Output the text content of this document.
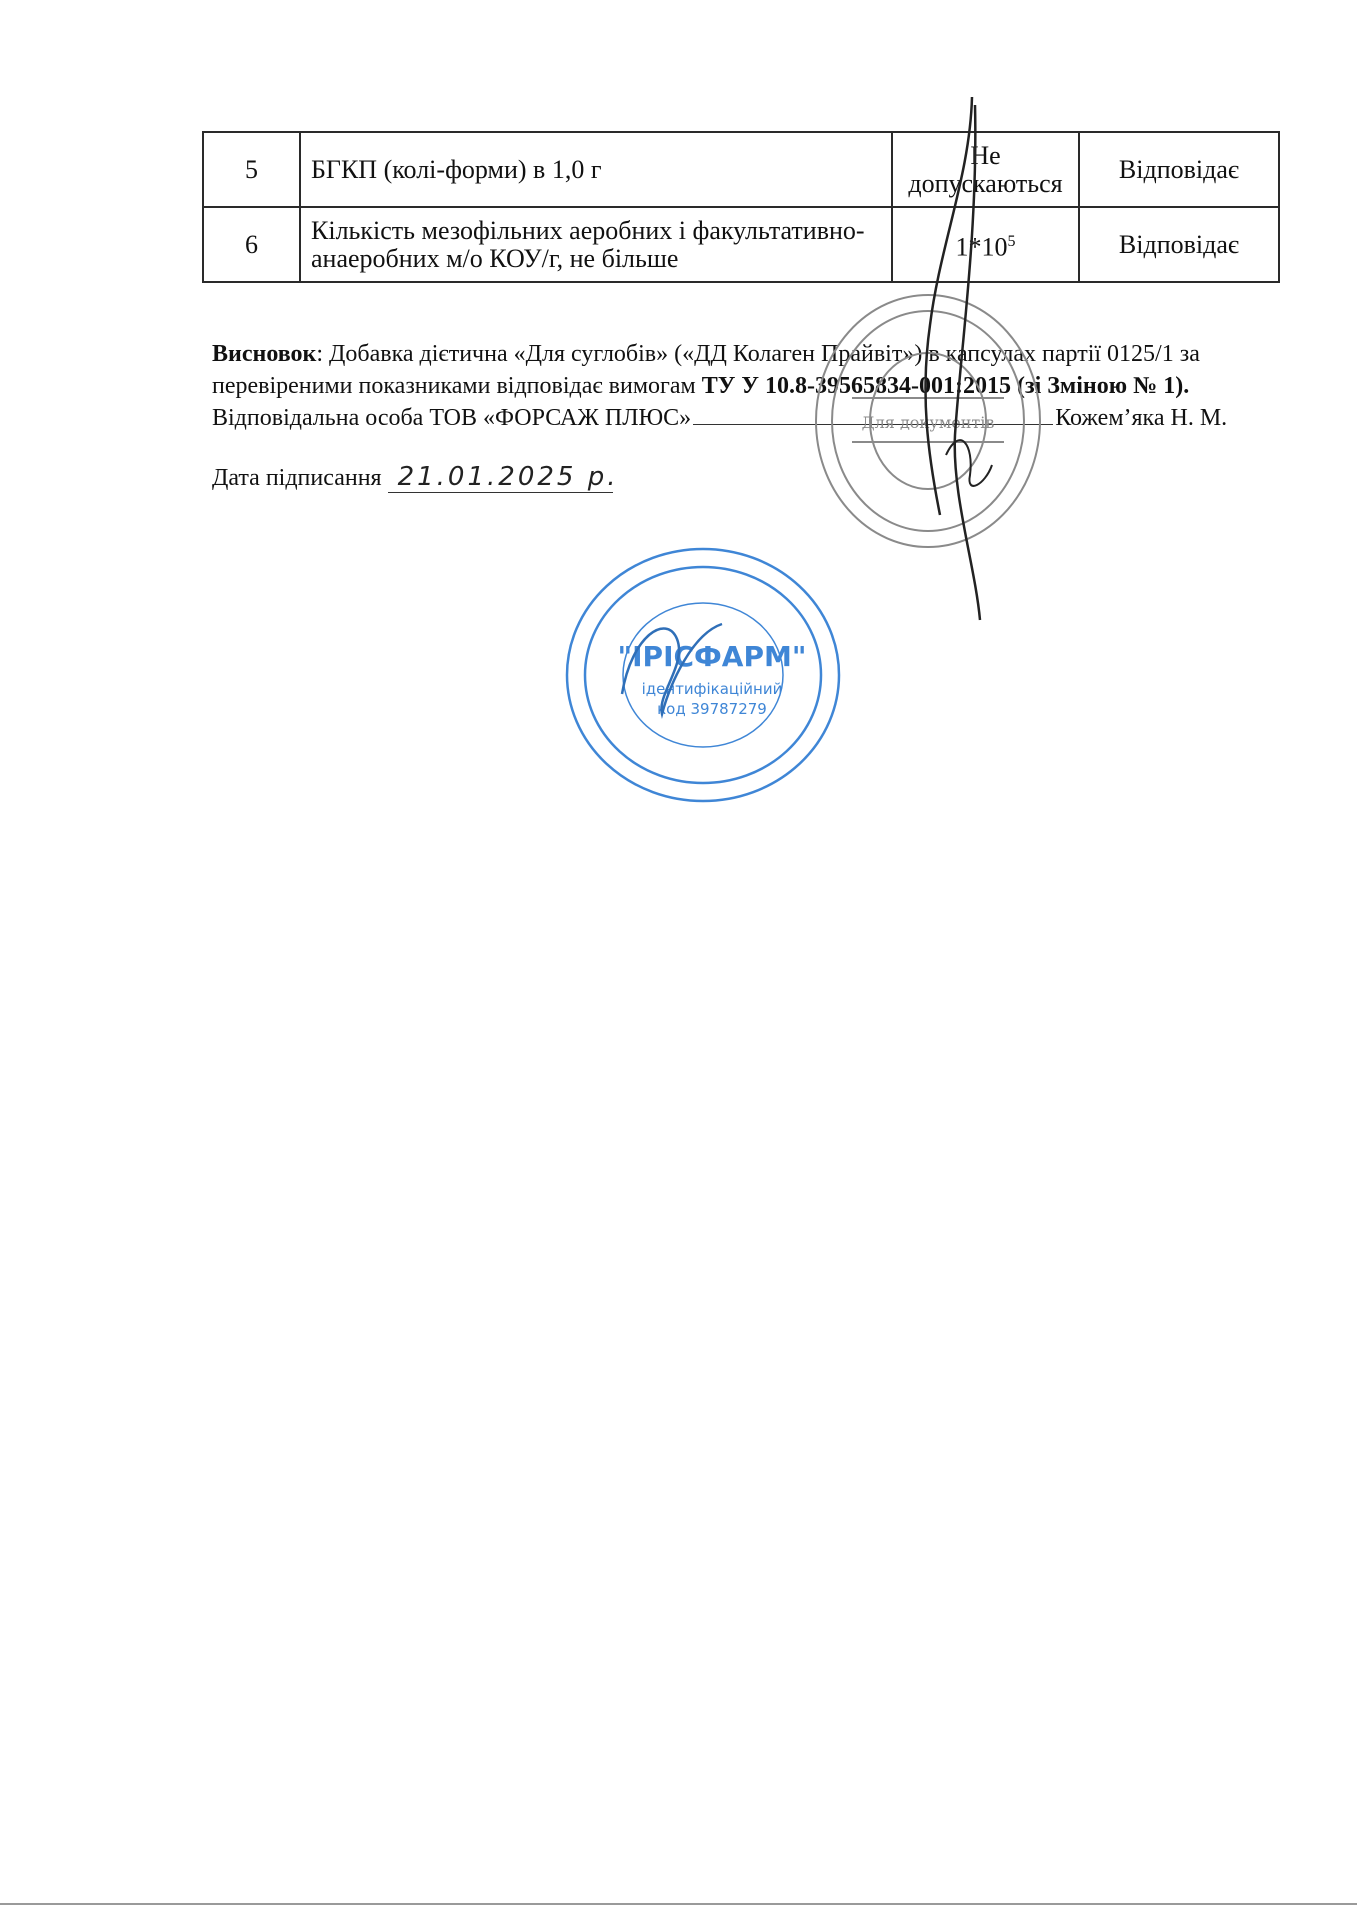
5	БГКП (колі-форми) в 1,0 г	Не
допускаються	Відповідає
6	Кількість мезофільних аеробних і факультативно-
анаеробних м/о КОУ/г, не більше	$1*10^5$	Відповідає
Висновок: Добавка дієтична «Для суглобів» («ДД Колаген Прайвіт») в капсулах партії 0125/1 за
перевіреними показниками відповідає вимогам ТУ У 10.8-39565834-001:2015 (зі Зміною № 1).
Відповідальна особа ТОВ «ФОРСАЖ ПЛЮС»	Кожем’яка Н. М.
Дата підписання 21.01.2025 р.
Для документів
"ІРІСФАРМ"
ідентифікаційний
код 39787279
